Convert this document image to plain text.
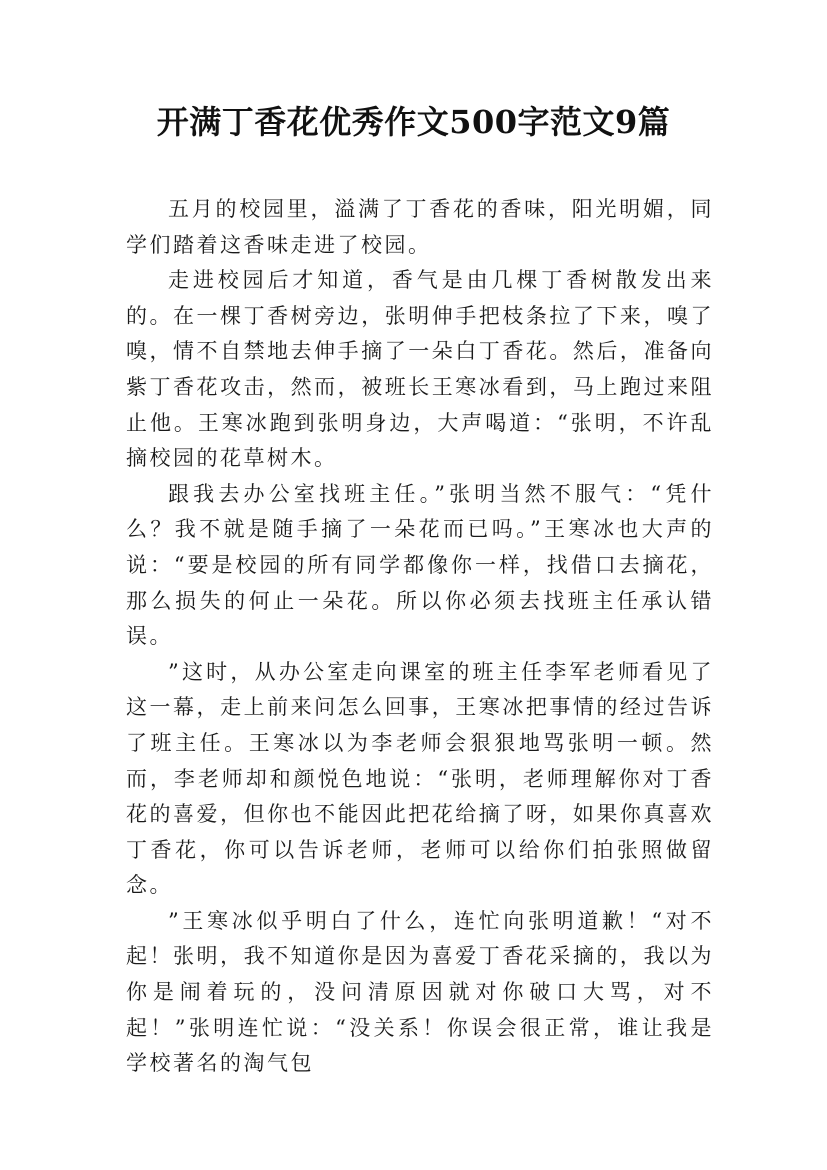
开满丁香花优秀作文500字范文9篇

五月的校园里，溢满了丁香花的香味，阳光明媚，同学们踏着这香味走进了校园。

走进校园后才知道，香气是由几棵丁香树散发出来的。在一棵丁香树旁边，张明伸手把枝条拉了下来，嗅了嗅，情不自禁地去伸手摘了一朵白丁香花。然后，准备向紫丁香花攻击，然而，被班长王寒冰看到，马上跑过来阻止他。王寒冰跑到张明身边，大声喝道：“张明，不许乱摘校园的花草树木。

跟我去办公室找班主任。”张明当然不服气：“凭什么？我不就是随手摘了一朵花而已吗。”王寒冰也大声的说：“要是校园的所有同学都像你一样，找借口去摘花，那么损失的何止一朵花。所以你必须去找班主任承认错误。

”这时，从办公室走向课室的班主任李军老师看见了这一幕，走上前来问怎么回事，王寒冰把事情的经过告诉了班主任。王寒冰以为李老师会狠狠地骂张明一顿。然而，李老师却和颜悦色地说：“张明，老师理解你对丁香花的喜爱，但你也不能因此把花给摘了呀，如果你真喜欢丁香花，你可以告诉老师，老师可以给你们拍张照做留念。

”王寒冰似乎明白了什么，连忙向张明道歉！“对不起！张明，我不知道你是因为喜爱丁香花采摘的，我以为你是闹着玩的，没问清原因就对你破口大骂，对不起！”张明连忙说：“没关系！你误会很正常，谁让我是学校著名的淘气包
